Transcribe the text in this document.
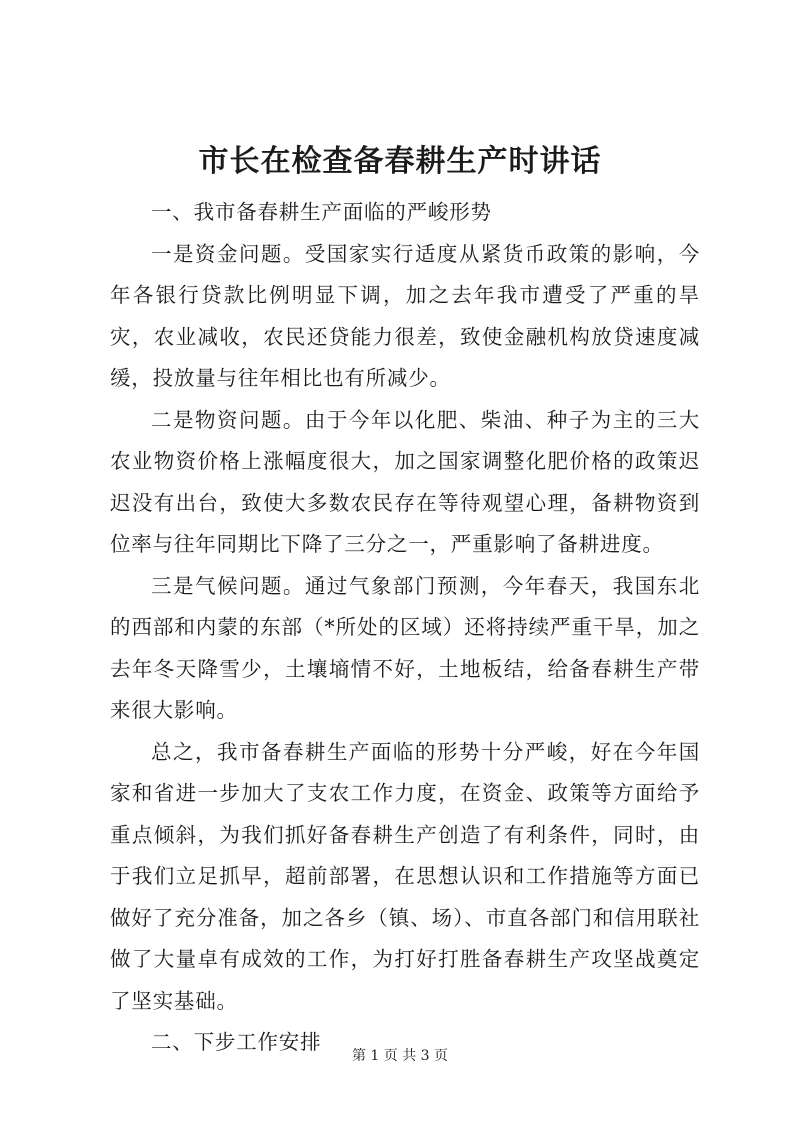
市长在检查备春耕生产时讲话

一、我市备春耕生产面临的严峻形势

一是资金问题。受国家实行适度从紧货币政策的影响，今年各银行贷款比例明显下调，加之去年我市遭受了严重的旱灾，农业减收，农民还贷能力很差，致使金融机构放贷速度减缓，投放量与往年相比也有所减少。

二是物资问题。由于今年以化肥、柴油、种子为主的三大农业物资价格上涨幅度很大，加之国家调整化肥价格的政策迟迟没有出台，致使大多数农民存在等待观望心理，备耕物资到位率与往年同期比下降了三分之一，严重影响了备耕进度。

三是气候问题。通过气象部门预测，今年春天，我国东北的西部和内蒙的东部（*所处的区域）还将持续严重干旱，加之去年冬天降雪少，土壤墒情不好，土地板结，给备春耕生产带来很大影响。

总之，我市备春耕生产面临的形势十分严峻，好在今年国家和省进一步加大了支农工作力度，在资金、政策等方面给予重点倾斜，为我们抓好备春耕生产创造了有利条件，同时，由于我们立足抓早，超前部署，在思想认识和工作措施等方面已做好了充分准备，加之各乡（镇、场）、市直各部门和信用联社做了大量卓有成效的工作，为打好打胜备春耕生产攻坚战奠定了坚实基础。

二、下步工作安排

第 1 页 共 3 页
